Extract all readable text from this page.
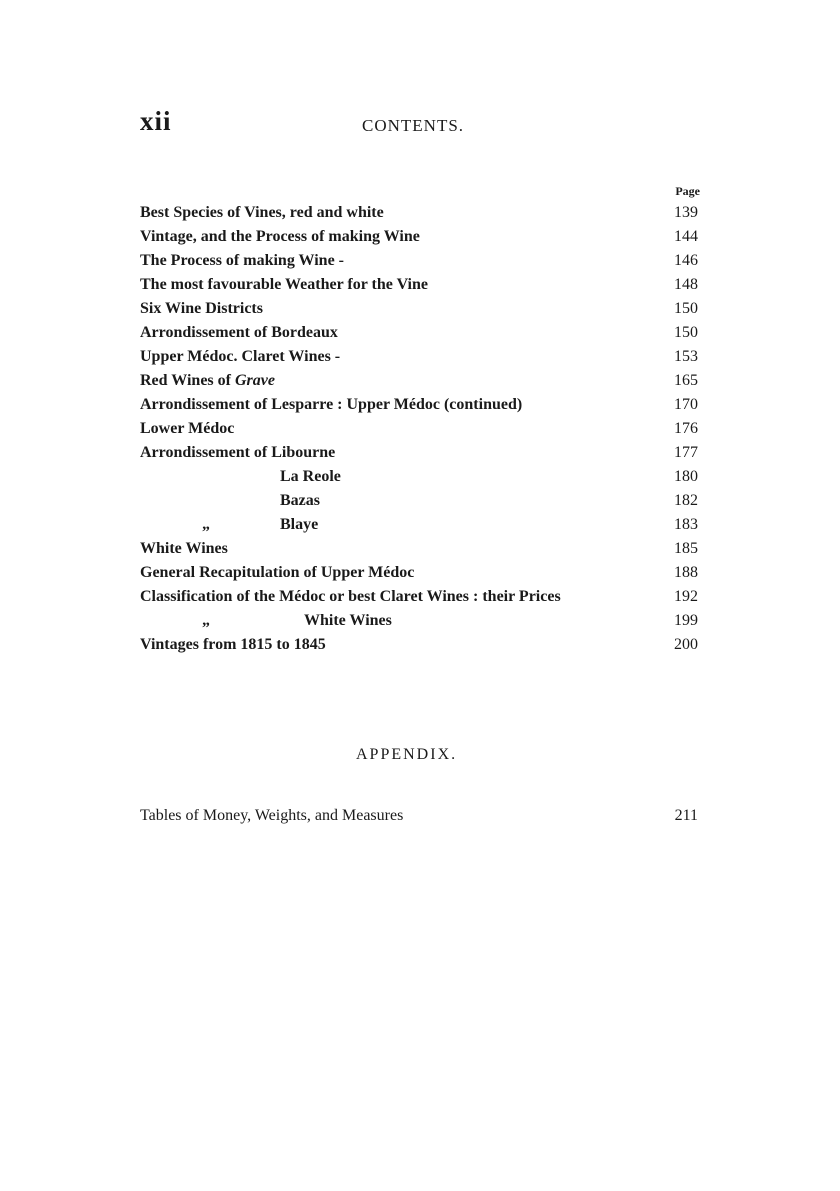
xii	CONTENTS.
Page
Best Species of Vines, red and white	139
Vintage, and the Process of making Wine	144
The Process of making Wine -	146
The most favourable Weather for the Vine	148
Six Wine Districts	150
Arrondissement of Bordeaux	150
Upper Médoc. Claret Wines -	153
Red Wines of Grave	165
Arrondissement of Lesparre : Upper Médoc (continued)	170
Lower Médoc	176
Arrondissement of Libourne	177
La Reole	180
Bazas	182
„	Blaye	183
White Wines	185
General Recapitulation of Upper Médoc	188
Classification of the Médoc or best Claret Wines : their Prices	192
„	White Wines	199
Vintages from 1815 to 1845	200
APPENDIX.
Tables of Money, Weights, and Measures	211
